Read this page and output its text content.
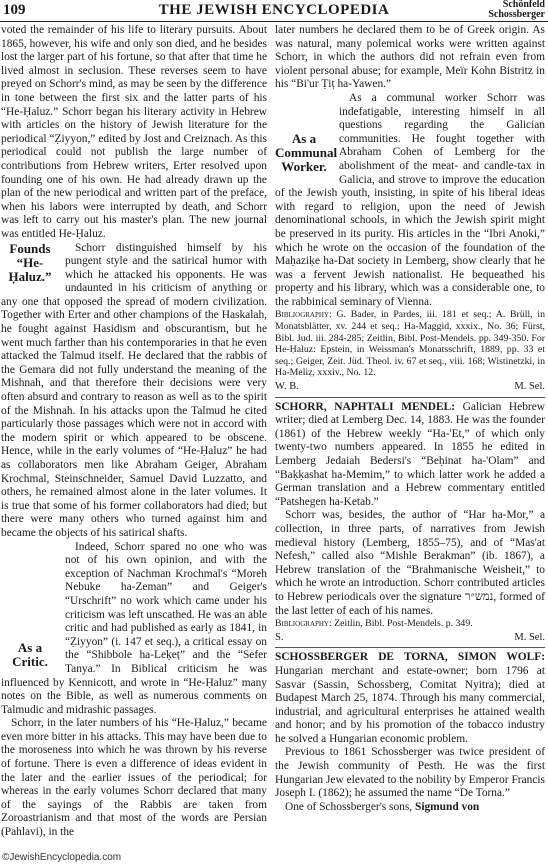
109	THE JEWISH ENCYCLOPEDIA	Schönfeld
Schossberger

voted the remainder of his life to literary pursuits. About 1865, however, his wife and only son died, and he besides lost the larger part of his fortune, so that after that time he lived almost in seclusion. These reverses seem to have preyed on Schorr's mind, as may be seen by the difference in tone between the first six and the latter parts of his “He-Ḥaluz.” Schorr began his literary activity in Hebrew with articles on the history of Jewish literature for the periodical “Ẓiyyon,” edited by Jost and Creiznach. As this periodical could not publish the large number of contributions from Hebrew writers, Erter resolved upon founding one of his own. He had already drawn up the plan of the new periodical and written part of the preface, when his labors were interrupted by death, and Schorr was left to carry out his master's plan. The new journal was entitled He-Ḥaluz.

Founds “He-Ḥaluz.”
Schorr distinguished himself by his pungent style and the satirical humor with which he attacked his opponents. He was undaunted in his criticism of anything or any one that opposed the spread of modern civilization. Together with Erter and other champions of the Haskalah, he fought against Hasidism and obscurantism, but he went much farther than his contemporaries in that he even attacked the Talmud itself. He declared that the rabbis of the Gemara did not fully understand the meaning of the Mishnah, and that therefore their decisions were very often absurd and contrary to reason as well as to the spirit of the Mishnah. In his attacks upon the Talmud he cited particularly those passages which were not in accord with the modern spirit or which appeared to be obscene. Hence, while in the early volumes of “He-Ḥaluz” he had as collaborators men like Abraham Geiger, Abraham Krochmal, Steinschneider, Samuel David Luzzatto, and others, he remained almost alone in the later volumes. It is true that some of his former collaborators had died; but there were many others who turned against him and became the objects of his satirical shafts.

As a Critic.
Indeed, Schorr spared no one who was not of his own opinion, and with the exception of Nachman Krochmal's “Moreh Nebuke ha-Zeman” and Geiger's “Urschrift” no work which came under his criticism was left unscathed. He was an able critic and had published as early as 1841, in “Ẓiyyon” (i. 147 et seq.), a critical essay on the “Shibbole ha-Leḳeṭ” and the “Sefer Tanya.” In Biblical criticism he was influenced by Kennicott, and wrote in “He-Ḥaluz” many notes on the Bible, as well as numerous comments on Talmudic and midrashic passages.

Schorr, in the later numbers of his “He-Ḥaluz,” became even more bitter in his attacks. This may have been due to the moroseness into which he was thrown by his reverse of fortune. There is even a difference of ideas evident in the later and the earlier issues of the periodical; for whereas in the early volumes Schorr declared that many of the sayings of the Rabbis are taken from Zoroastrianism and that most of the words are Persian (Pahlavi), in the

later numbers he declared them to be of Greek origin. As was natural, many polemical works were written against Schorr, in which the authors did not refrain even from violent personal abuse; for example, Meïr Kohn Bistritz in his “Bi'ur Ṭiṭ ha-Yawen.”

As a Communal Worker.
As a communal worker Schorr was indefatigable, interesting himself in all questions regarding the Galician communities. He fought together with Abraham Cohen of Lemberg for the abolishment of the meat- and candle-tax in Galicia, and strove to improve the education of the Jewish youth, insisting, in spite of his liberal ideas with regard to religion, upon the need of Jewish denominational schools, in which the Jewish spirit might be preserved in its purity. His articles in the “Ibri Anoki,” which he wrote on the occasion of the foundation of the Maḥaziḳe ha-Dat society in Lemberg, show clearly that he was a fervent Jewish nationalist. He bequeathed his property and his library, which was a considerable one, to the rabbinical seminary of Vienna.

Bibliography: G. Bader, in Pardes, iii. 181 et seq.; A. Brüll, in Monatsblätter, xv. 244 et seq.; Ha-Maggid, xxxix., No. 36; Fürst, Bibl. Jud. iii. 284-285; Zeitlin, Bibl. Post-Mendels. pp. 349-350. For He-Ḥaluz: Epstein, in Weissman's Monatsschrift, 1889, pp. 33 et seq.; Geiger, Zeit. Jüd. Theol. iv. 67 et seq., viii. 168; Wistinetzki, in Ha-Meliẓ, xxxiv., No. 12.

W. B.	M. Sel.

SCHORR, NAPHTALI MENDEL: Galician Hebrew writer; died at Lemberg Dec. 14, 1883. He was the founder (1861) of the Hebrew weekly “Ha-'Et,” of which only twenty-two numbers appeared. In 1855 he edited in Lemberg Jedaiah Bedersi's “Beḥinat ha-'Olam” and “Baḳḳashat ha-Memim,” to which latter work he added a German translation and a Hebrew commentary entitled “Patshegen ha-Ketab.”

Schorr was, besides, the author of “Har ha-Mor,” a collection, in three parts, of narratives from Jewish medieval history (Lemberg, 1855–75), and of “Mas'at Nefesh,” called also “Mishle Berakman” (ib. 1867), a Hebrew translation of the “Brahmanische Weisheit,” to which he wrote an introduction. Schorr contributed articles to Hebrew periodicals over the signature נמש״ר, formed of the last letter of each of his names.

Bibliography: Zeitlin, Bibl. Post-Mendels. p. 349.

S.	M. Sel.

SCHOSSBERGER DE TORNA, SIMON WOLF: Hungarian merchant and estate-owner; born 1796 at Sasvar (Sassin, Schossberg, Comitat Nyitra); died at Budapest March 25, 1874. Through his many commercial, industrial, and agricultural enterprises he attained wealth and honor; and by his promotion of the tobacco industry he solved a Hungarian economic problem.

Previous to 1861 Schossberger was twice president of the Jewish community of Pesth. He was the first Hungarian Jew elevated to the nobility by Emperor Francis Joseph I. (1862); he assumed the name “De Torna.”

One of Schossberger's sons, Sigmund von

©JewishEncyclopedia.com
